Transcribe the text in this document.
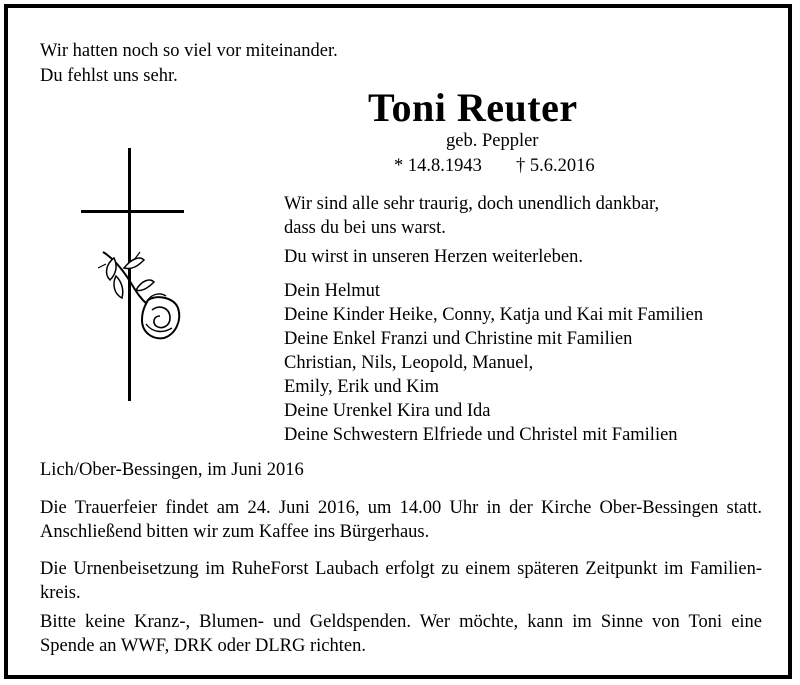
Wir hatten noch so viel vor miteinander.
Du fehlst uns sehr.
Toni Reuter
geb. Peppler
* 14.8.1943 † 5.6.2016
Wir sind alle sehr traurig, doch unendlich dankbar,
dass du bei uns warst.
Du wirst in unseren Herzen weiterleben.
Dein Helmut
Deine Kinder Heike, Conny, Katja und Kai mit Familien
Deine Enkel Franzi und Christine mit Familien
Christian, Nils, Leopold, Manuel,
Emily, Erik und Kim
Deine Urenkel Kira und Ida
Deine Schwestern Elfriede und Christel mit Familien
Lich/Ober-Bessingen, im Juni 2016
Die Trauerfeier findet am 24. Juni 2016, um 14.00 Uhr in der Kirche Ober-Bessingen statt.
Anschließend bitten wir zum Kaffee ins Bürgerhaus.
Die Urnenbeisetzung im RuheForst Laubach erfolgt zu einem späteren Zeitpunkt im Familien-
kreis.
Bitte keine Kranz-, Blumen- und Geldspenden. Wer möchte, kann im Sinne von Toni eine
Spende an WWF, DRK oder DLRG richten.
